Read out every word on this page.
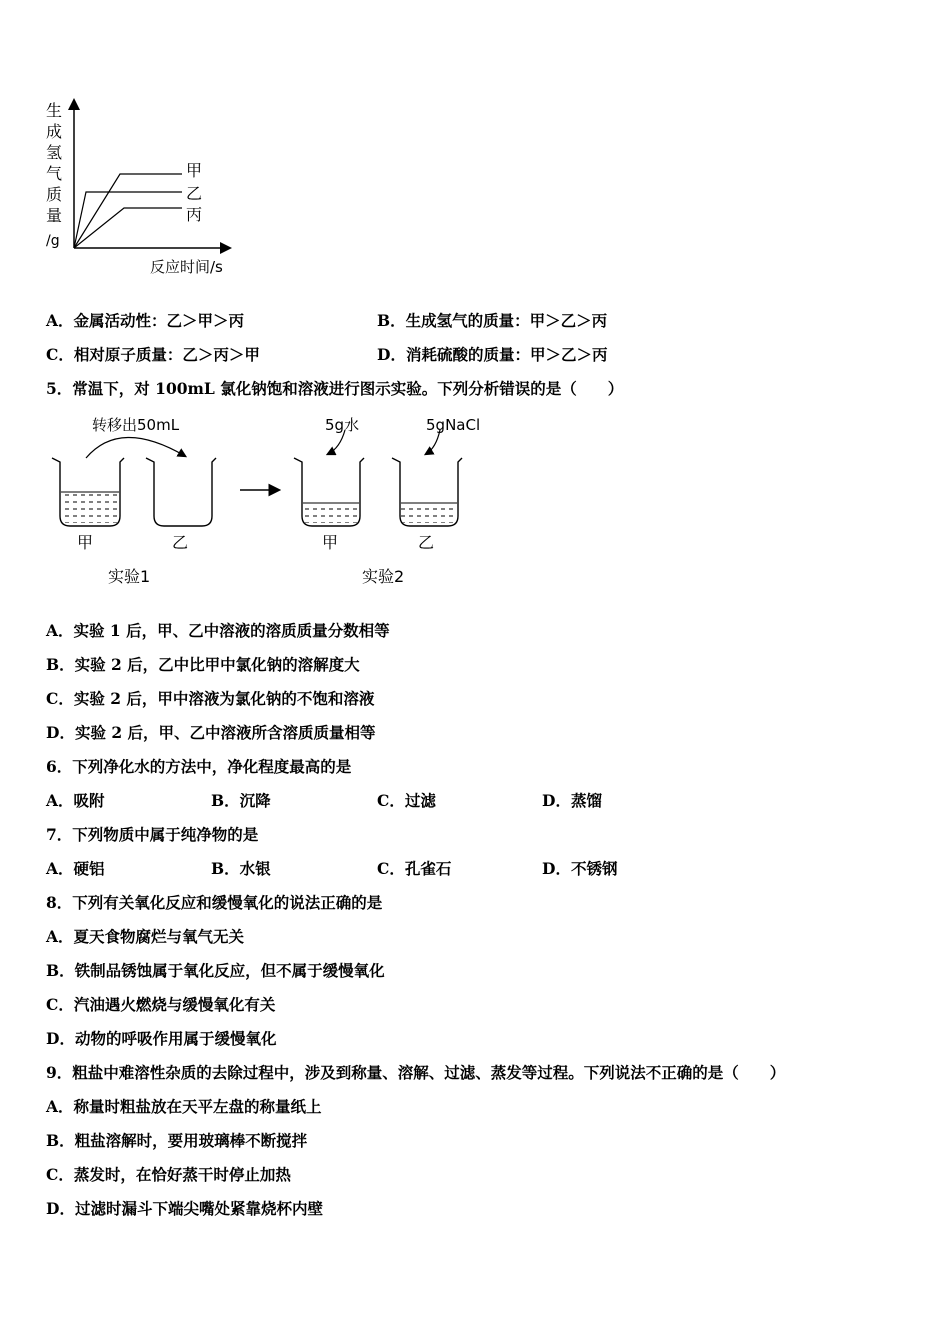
生
成
氢
气
质
量
/g
甲
乙
丙
反应时间/s
A．金属活动性：乙＞甲＞丙	B．生成氢气的质量：甲＞乙＞丙
C．相对原子质量：乙＞丙＞甲	D．消耗硫酸的质量：甲＞乙＞丙
5．常温下，对 100mL 氯化钠饱和溶液进行图示实验。下列分析错误的是（　　）
转移出50mL
甲	乙
实验1
5g水	5gNaCl
甲	乙
实验2
A．实验 1 后，甲、乙中溶液的溶质质量分数相等
B．实验 2 后，乙中比甲中氯化钠的溶解度大
C．实验 2 后，甲中溶液为氯化钠的不饱和溶液
D．实验 2 后，甲、乙中溶液所含溶质质量相等
6．下列净化水的方法中，净化程度最高的是
A．吸附	B．沉降	C．过滤	D．蒸馏
7．下列物质中属于纯净物的是
A．硬铝	B．水银	C．孔雀石	D．不锈钢
8．下列有关氧化反应和缓慢氧化的说法正确的是
A．夏天食物腐烂与氧气无关
B．铁制品锈蚀属于氧化反应，但不属于缓慢氧化
C．汽油遇火燃烧与缓慢氧化有关
D．动物的呼吸作用属于缓慢氧化
9．粗盐中难溶性杂质的去除过程中，涉及到称量、溶解、过滤、蒸发等过程。下列说法不正确的是（　　）
A．称量时粗盐放在天平左盘的称量纸上
B．粗盐溶解时，要用玻璃棒不断搅拌
C．蒸发时，在恰好蒸干时停止加热
D．过滤时漏斗下端尖嘴处紧靠烧杯内壁
